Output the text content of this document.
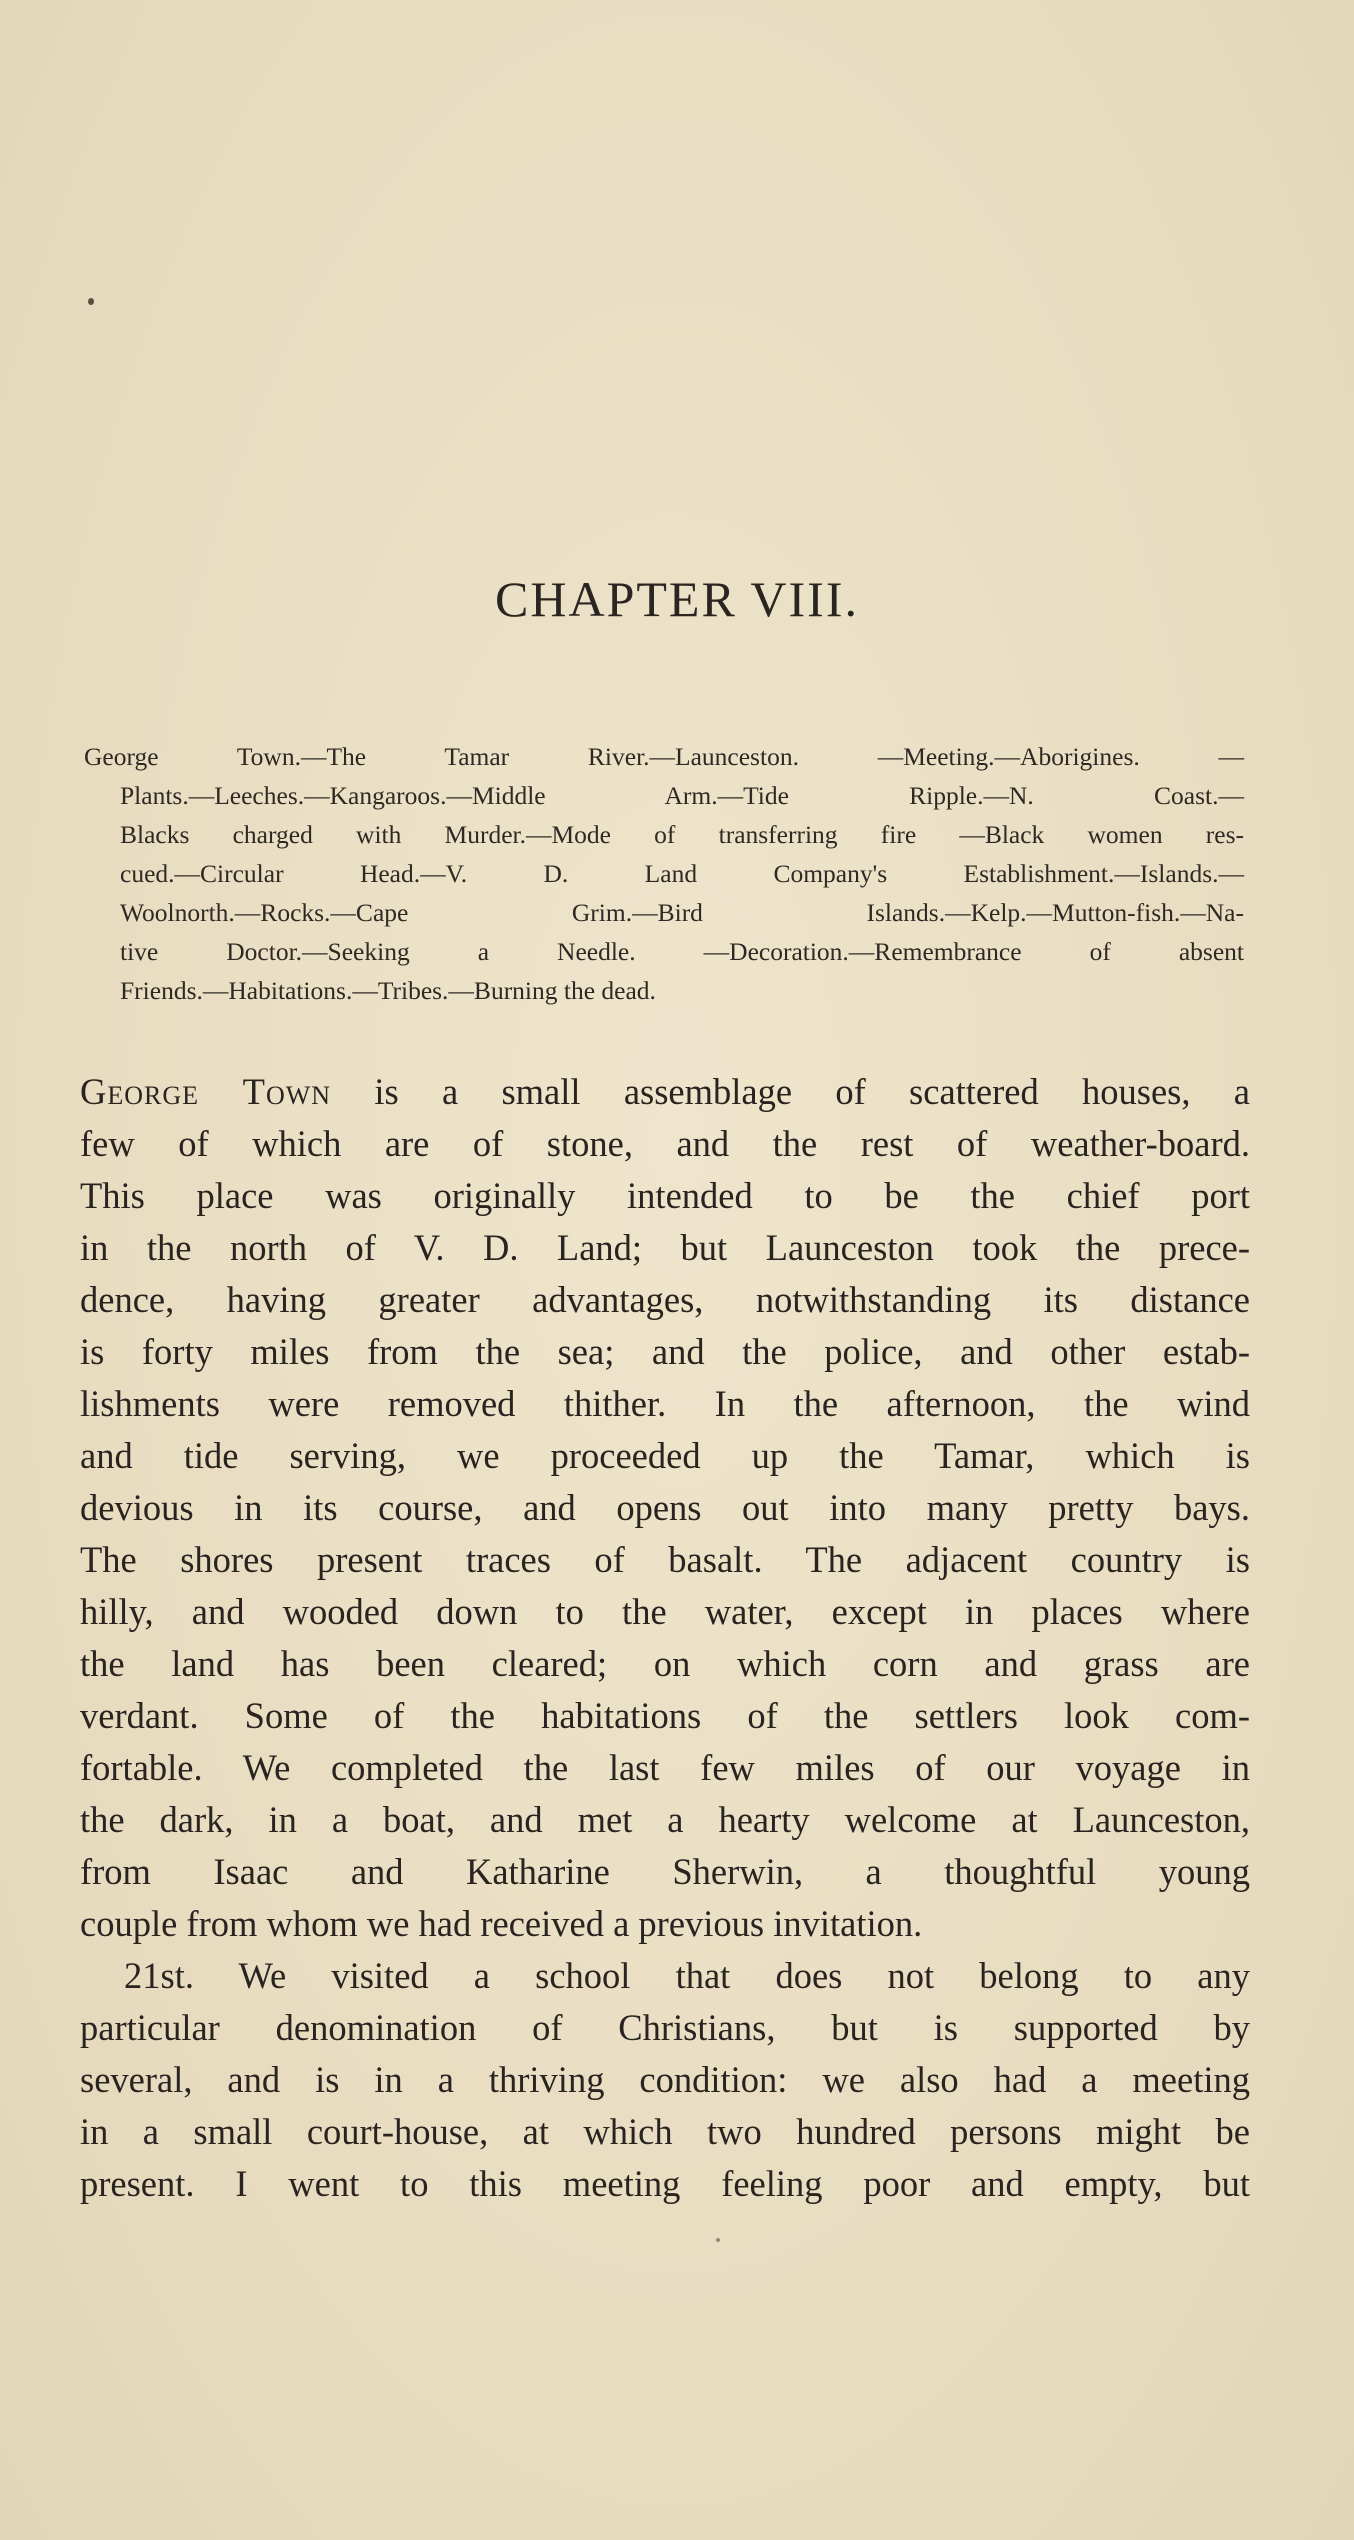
CHAPTER VIII.

George Town.—The Tamar River.—Launceston. —Meeting.—Aborigines. —
Plants.—Leeches.—Kangaroos.—Middle Arm.—Tide Ripple.—N. Coast.—
Blacks charged with Murder.—Mode of transferring fire —Black women res-
cued.—Circular Head.—V. D. Land Company's Establishment.—Islands.—
Woolnorth.—Rocks.—Cape Grim.—Bird Islands.—Kelp.—Mutton-fish.—Na-
tive Doctor.—Seeking a Needle. —Decoration.—Remembrance of absent
Friends.—Habitations.—Tribes.—Burning the dead.

George Town is a small assemblage of scattered houses, a
few of which are of stone, and the rest of weather-board.
This place was originally intended to be the chief port
in the north of V. D. Land; but Launceston took the prece-
dence, having greater advantages, notwithstanding its distance
is forty miles from the sea; and the police, and other estab-
lishments were removed thither. In the afternoon, the wind
and tide serving, we proceeded up the Tamar, which is
devious in its course, and opens out into many pretty bays.
The shores present traces of basalt. The adjacent country is
hilly, and wooded down to the water, except in places where
the land has been cleared; on which corn and grass are
verdant. Some of the habitations of the settlers look com-
fortable. We completed the last few miles of our voyage in
the dark, in a boat, and met a hearty welcome at Launceston,
from Isaac and Katharine Sherwin, a thoughtful young
couple from whom we had received a previous invitation.
21st. We visited a school that does not belong to any
particular denomination of Christians, but is supported by
several, and is in a thriving condition: we also had a meeting
in a small court-house, at which two hundred persons might be
present. I went to this meeting feeling poor and empty, but
